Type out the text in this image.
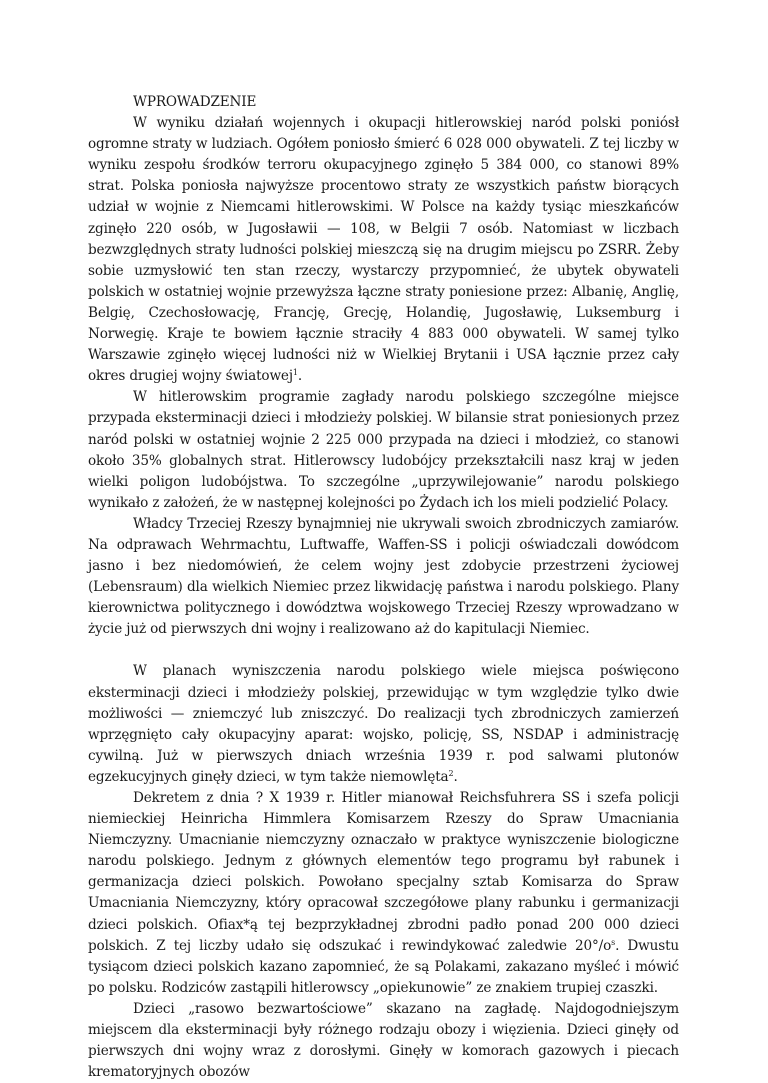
WPROWADZENIE

W wyniku działań wojennych i okupacji hitlerowskiej naród polski poniósł ogromne straty w ludziach. Ogółem poniosło śmierć 6 028 000 obywateli. Z tej liczby w wyniku zespołu środków terroru okupacyjnego zginęło 5 384 000, co stanowi 89% strat. Polska poniosła najwyższe procentowo straty ze wszystkich państw biorących udział w wojnie z Niemcami hitlerowskimi. W Polsce na każdy tysiąc mieszkańców zginęło 220 osób, w Jugosławii — 108, w Belgii 7 osób. Natomiast w liczbach bezwzględnych straty ludności polskiej mieszczą się na drugim miejscu po ZSRR. Żeby sobie uzmysłowić ten stan rzeczy, wystarczy przypomnieć, że ubytek obywateli polskich w ostatniej wojnie przewyższa łączne straty poniesione przez: Albanię, Anglię, Belgię, Czechosłowację, Francję, Grecję, Holandię, Jugosławię, Luksemburg i Norwegię. Kraje te bowiem łącznie straciły 4 883 000 obywateli. W samej tylko Warszawie zginęło więcej ludności niż w Wielkiej Brytanii i USA łącznie przez cały okres drugiej wojny światowej$^1$.

W hitlerowskim programie zagłady narodu polskiego szczególne miejsce przypada eksterminacji dzieci i młodzieży polskiej. W bilansie strat poniesionych przez naród polski w ostatniej wojnie 2 225 000 przypada na dzieci i młodzież, co stanowi około 35% globalnych strat. Hitlerowscy ludobójcy przekształcili nasz kraj w jeden wielki poligon ludobójstwa. To szczególne „uprzywilejowanie” narodu polskiego wynikało z założeń, że w następnej kolejności po Żydach ich los mieli podzielić Polacy.

Władcy Trzeciej Rzeszy bynajmniej nie ukrywali swoich zbrodniczych zamiarów. Na odprawach Wehrmachtu, Luftwaffe, Waffen-SS i policji oświadczali dowódcom jasno i bez niedomówień, że celem wojny jest zdobycie przestrzeni życiowej (Lebensraum) dla wielkich Niemiec przez likwidację państwa i narodu polskiego. Plany kierownictwa politycznego i dowództwa wojskowego Trzeciej Rzeszy wprowadzano w życie już od pierwszych dni wojny i realizowano aż do kapitulacji Niemiec.

W planach wyniszczenia narodu polskiego wiele miejsca poświęcono eksterminacji dzieci i młodzieży polskiej, przewidując w tym względzie tylko dwie możliwości — zniemczyć lub zniszczyć. Do realizacji tych zbrodniczych zamierzeń wprzęgnięto cały okupacyjny aparat: wojsko, policję, SS, NSDAP i administrację cywilną. Już w pierwszych dniach września 1939 r. pod salwami plutonów egzekucyjnych ginęły dzieci, w tym także niemowlęta$^2$.

Dekretem z dnia ? X 1939 r. Hitler mianował Reichsfuhrera SS i szefa policji niemieckiej Heinricha Himmlera Komisarzem Rzeszy do Spraw Umacniania Niemczyzny. Umacnianie niemczyzny oznaczało w praktyce wyniszczenie biologiczne narodu polskiego. Jednym z głównych elementów tego programu był rabunek i germanizacja dzieci polskich. Powołano specjalny sztab Komisarza do Spraw Umacniania Niemczyzny, który opracował szczegółowe plany rabunku i germanizacji dzieci polskich. Ofiax*ą tej bezprzykładnej zbrodni padło ponad 200 000 dzieci polskich. Z tej liczby udało się odszukać i rewindykować zaledwie $20^\circ/o^s$. Dwustu tysiącom dzieci polskich kazano zapomnieć, że są Polakami, zakazano myśleć i mówić po polsku. Rodziców zastąpili hitlerowscy „opiekunowie” ze znakiem trupiej czaszki.

Dzieci „rasowo bezwartościowe” skazano na zagładę. Najdogodniejszym miejscem dla eksterminacji były różnego rodzaju obozy i więzienia. Dzieci ginęły od pierwszych dni wojny wraz z dorosłymi. Ginęły w komorach gazowych i piecach krematoryjnych obozów
